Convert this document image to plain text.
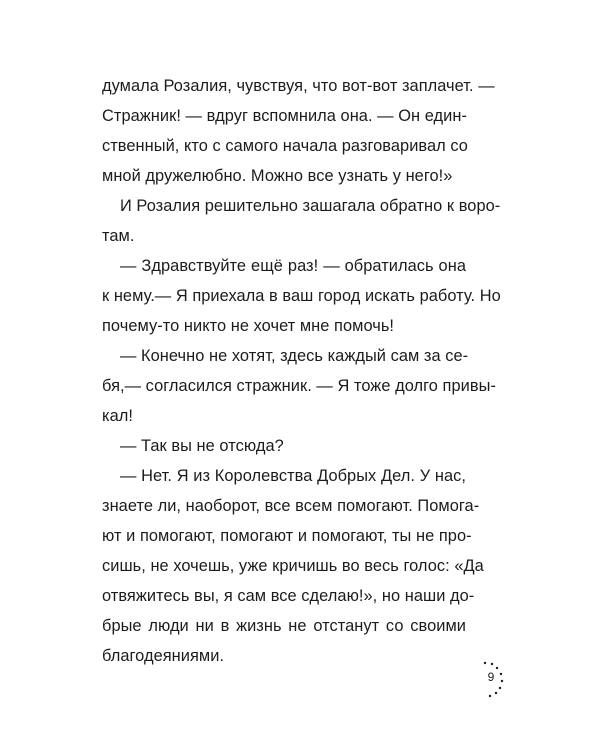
думала Розалия, чувствуя, что вот-вот заплачет. —
Стражник! — вдруг вспомнила она. — Он един-
ственный, кто с самого начала разговаривал со
мной дружелюбно. Можно все узнать у него!»
И Розалия решительно зашагала обратно к воро-
там.
— Здравствуйте ещё раз! — обратилась она
к нему.— Я приехала в ваш город искать работу. Но
почему-то никто не хочет мне помочь!
— Конечно не хотят, здесь каждый сам за се-
бя,— согласился стражник. — Я тоже долго привы-
кал!
— Так вы не отсюда?
— Нет. Я из Королевства Добрых Дел. У нас,
знаете ли, наоборот, все всем помогают. Помога-
ют и помогают, помогают и помогают, ты не про-
сишь, не хочешь, уже кричишь во весь голос: «Да
отвяжитесь вы, я сам все сделаю!», но наши до-
брые люди ни в жизнь не отстанут со своими
благодеяниями.
9
